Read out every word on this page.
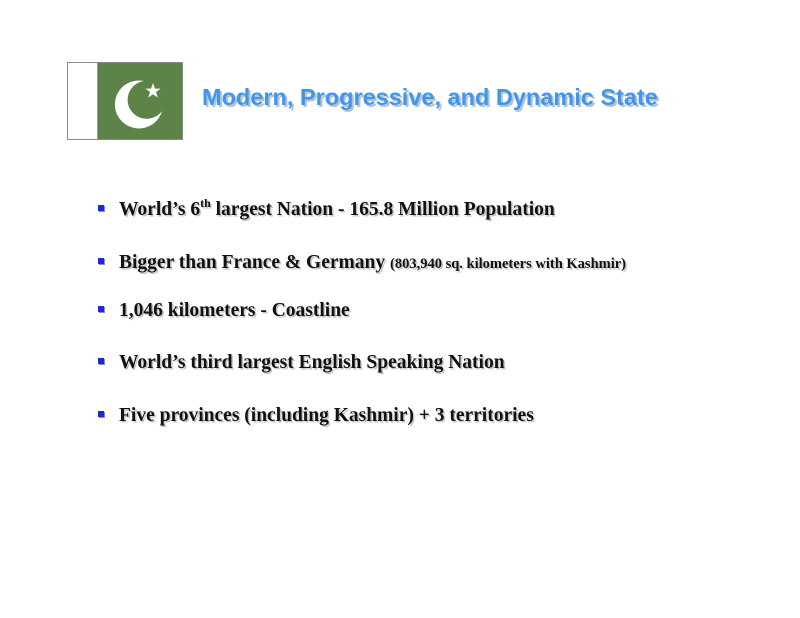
Modern, Progressive, and Dynamic State
World’s 6th largest Nation - 165.8 Million Population
Bigger than France & Germany (803,940 sq. kilometers with Kashmir)
1,046 kilometers - Coastline
World’s third largest English Speaking Nation
Five provinces (including Kashmir) + 3 territories
